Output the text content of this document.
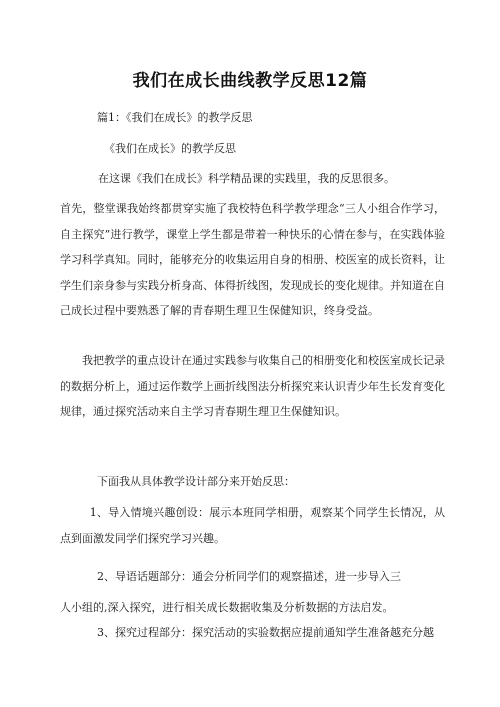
我们在成长曲线教学反思12篇
篇1：《我们在成长》的教学反思
《我们在成长》的教学反思
在这课《我们在成长》科学精品课的实践里，我的反思很多。
首先，整堂课我始终都贯穿实施了我校特色科学教学理念“三人小组合作学习，自主探究”进行教学，课堂上学生都是带着一种快乐的心情在参与，在实践体验学习科学真知。同时，能够充分的收集运用自身的相册、校医室的成长资料，让学生们亲身参与实践分析身高、体得折线图，发现成长的变化规律。并知道在自己成长过程中要熟悉了解的青春期生理卫生保健知识，终身受益。
我把教学的重点设计在通过实践参与收集自己的相册变化和校医室成长记录的数据分析上，通过运作数学上画折线图法分析探究来认识青少年生长发育变化规律，通过探究活动来自主学习青春期生理卫生保健知识。
下面我从具体教学设计部分来开始反思：
1、导入情境兴趣创设：展示本班同学相册，观察某个同学生长情况，从点到面激发同学们探究学习兴趣。
2、导语话题部分：通会分析同学们的观察描述，进一步导入三
人小组的,深入探究，进行相关成长数据收集及分析数据的方法启发。
3、探究过程部分：探究活动的实验数据应提前通知学生准备越充分越
